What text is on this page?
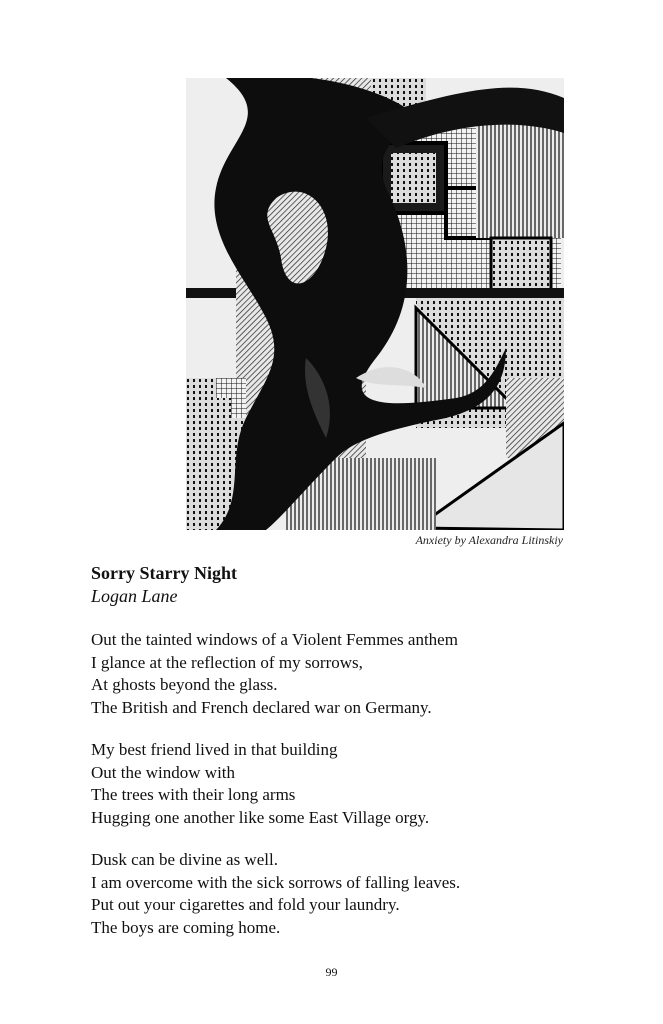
Anxiety by Alexandra Litinskiy
Sorry Starry Night
Logan Lane
Out the tainted windows of a Violent Femmes anthem
I glance at the reflection of my sorrows,
At ghosts beyond the glass.
The British and French declared war on Germany.
My best friend lived in that building
Out the window with
The trees with their long arms
Hugging one another like some East Village orgy.
Dusk can be divine as well.
I am overcome with the sick sorrows of falling leaves.
Put out your cigarettes and fold your laundry.
The boys are coming home.
99
